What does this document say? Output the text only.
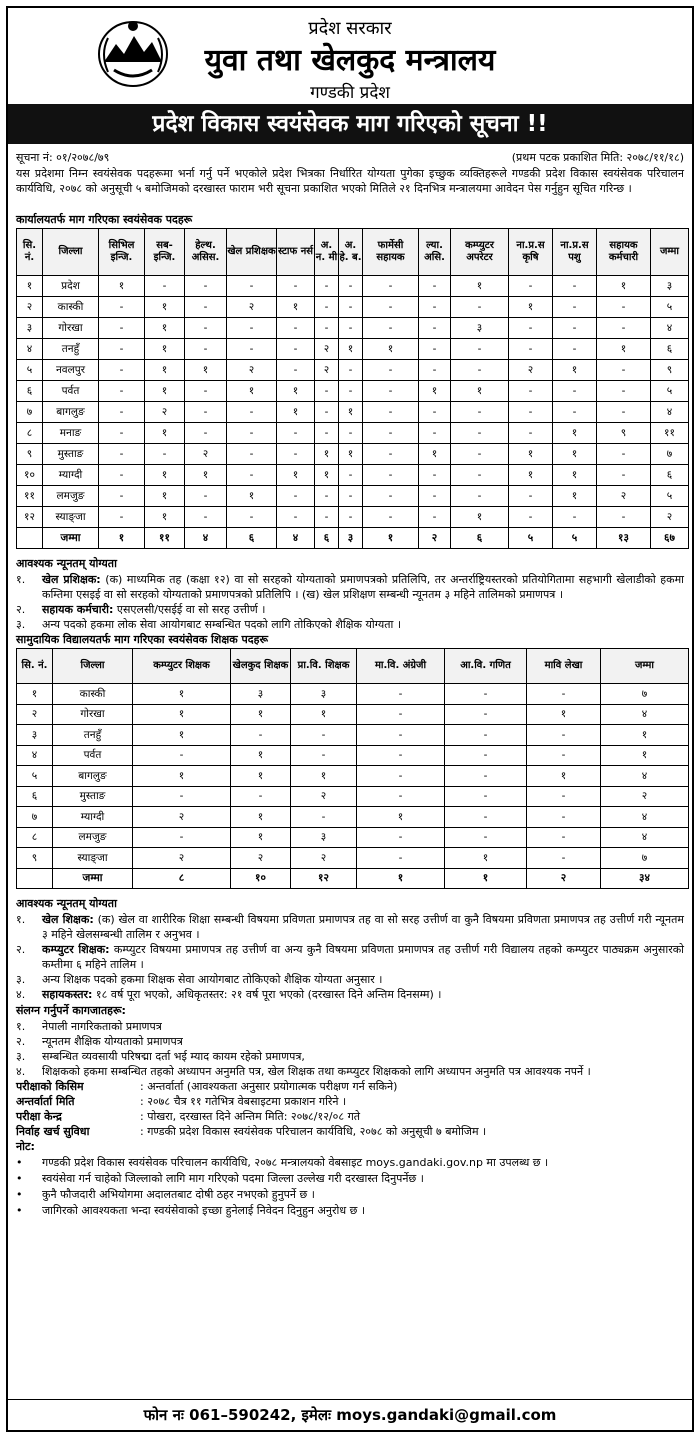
प्रदेश सरकार
युवा तथा खेलकुद मन्त्रालय
गण्डकी प्रदेश
प्रदेश विकास स्वयंसेवक माग गरिएको सूचना !!
सूचना नं: ०१/२०७८/७९	(प्रथम पटक प्रकाशित मिति: २०७८/११/१८)

यस प्रदेशमा निम्न स्वयंसेवक पदहरूमा भर्ना गर्नु पर्ने भएकोले प्रदेश भित्रका निर्धारित योग्यता पुगेका इच्छुक व्यक्तिहरूले गण्डकी प्रदेश विकास स्वयंसेवक परिचालन कार्यविधि, २०७८ को अनुसूची ५ बमोजिमको दरखास्त फाराम भरी सूचना प्रकाशित भएको मितिले २१ दिनभित्र मन्त्रालयमा आवेदन पेस गर्नुहुन सूचित गरिन्छ ।

कार्यालयतर्फ माग गरिएका स्वयंसेवक पदहरू
सि. नं.	जिल्ला	सिभिल इन्जि.	सब- इन्जि.	हेल्थ. असिस.	खेल प्रशिक्षक	स्टाफ नर्स	अ. न. मी	अ. हे. ब.	फार्मेसी सहायक	ल्या. असि.	कम्प्युटर अपरेटर	ना.प्र.स कृषि	ना.प्र.स पशु	सहायक कर्मचारी	जम्मा
१	प्रदेश	१	-	-	-	-	-	-	-	-	१	-	-	१	३
२	कास्की	-	१	-	२	१	-	-	-	-	-	१	-	-	५
३	गोरखा	-	१	-	-	-	-	-	-	-	३	-	-	-	४
४	तनहुँ	-	१	-	-	-	२	१	१	-	-	-	-	१	६
५	नवलपुर	-	१	१	२	-	२	-	-	-	-	२	१	-	९
६	पर्वत	-	१	-	१	१	-	-	-	१	१	-	-	-	५
७	बागलुङ	-	२	-	-	१	-	१	-	-	-	-	-	-	४
८	मनाङ	-	१	-	-	-	-	-	-	-	-	-	१	९	११
९	मुस्ताङ	-	-	२	-	-	१	१	-	१	-	१	१	-	७
१०	म्याग्दी	-	१	१	-	१	१	-	-	-	-	१	१	-	६
११	लमजुङ	-	१	-	१	-	-	-	-	-	-	-	१	२	५
१२	स्याङ्जा	-	१	-	-	-	-	-	-	-	१	-	-	-	२
	जम्मा	१	११	४	६	४	६	३	१	२	६	५	५	१३	६७
आवश्यक न्यूनतम् योग्यता
१.	खेल प्रशिक्षक: (क) माध्यमिक तह (कक्षा १२) वा सो सरहको योग्यताको प्रमाणपत्रको प्रतिलिपि, तर अन्तर्राष्ट्रियस्तरको प्रतियोगितामा सहभागी खेलाडीको हकमा कम्तिमा एसइई वा सो सरहको योग्यताको प्रमाणपत्रको प्रतिलिपि । (ख) खेल प्रशिक्षण सम्बन्धी न्यूनतम ३ महिने तालिमको प्रमाणपत्र ।
२.	सहायक कर्मचारी: एसएलसी/एसईई वा सो सरह उत्तीर्ण ।
३.	अन्य पदको हकमा लोक सेवा आयोगबाट सम्बन्धित पदको लागि तोकिएको शैक्षिक योग्यता ।
सामुदायिक विद्यालयतर्फ माग गरिएका स्वयंसेवक शिक्षक पदहरू
सि. नं.	जिल्ला	कम्प्युटर शिक्षक	खेलकुद शिक्षक	प्रा.वि. शिक्षक	मा.वि. अंग्रेजी	आ.वि. गणित	मावि लेखा	जम्मा
१	कास्की	१	३	३	-	-	-	७
२	गोरखा	१	१	१	-	-	१	४
३	तनहुँ	१	-	-	-	-	-	१
४	पर्वत	-	१	-	-	-	-	१
५	बागलुङ	१	१	१	-	-	१	४
६	मुस्ताङ	-	-	२	-	-	-	२
७	म्याग्दी	२	१	-	१	-	-	४
८	लमजुङ	-	१	३	-	-	-	४
९	स्याङ्जा	२	२	२	-	१	-	७
	जम्मा	८	१०	१२	१	१	२	३४
आवश्यक न्यूनतम् योग्यता
१.	खेल शिक्षक: (क) खेल वा शारीरिक शिक्षा सम्बन्धी विषयमा प्रविणता प्रमाणपत्र तह वा सो सरह उत्तीर्ण वा कुनै विषयमा प्रविणता प्रमाणपत्र तह उत्तीर्ण गरी न्यूनतम ३ महिने खेलसम्बन्धी तालिम र अनुभव ।
२.	कम्प्युटर शिक्षक: कम्प्युटर विषयमा प्रमाणपत्र तह उत्तीर्ण वा अन्य कुनै विषयमा प्रविणता प्रमाणपत्र तह उत्तीर्ण गरी विद्यालय तहको कम्प्युटर पाठ्यक्रम अनुसारको कम्तीमा ६ महिने तालिम ।
३.	अन्य शिक्षक पदको हकमा शिक्षक सेवा आयोगबाट तोकिएको शैक्षिक योग्यता अनुसार ।
४.	सहायकस्तर: १८ वर्ष पूरा भएको, अधिकृतस्तर: २१ वर्ष पूरा भएको (दरखास्त दिने अन्तिम दिनसम्म) ।
संलग्न गर्नुपर्ने कागजातहरू:
१.	नेपाली नागरिकताको प्रमाणपत्र
२.	न्यूनतम शैक्षिक योग्यताको प्रमाणपत्र
३.	सम्बन्धित व्यवसायी परिषद्मा दर्ता भई म्याद कायम रहेको प्रमाणपत्र,
४.	शिक्षकको हकमा सम्बन्धित तहको अध्यापन अनुमति पत्र, खेल शिक्षक तथा कम्प्युटर शिक्षकको लागि अध्यापन अनुमति पत्र आवश्यक नपर्ने ।
परीक्षाको किसिम	: अन्तर्वार्ता (आवश्यकता अनुसार प्रयोगात्मक परीक्षण गर्न सकिने)
अन्तर्वार्ता मिति	: २०७८ चैत्र ११ गतेभित्र वेबसाइटमा प्रकाशन गरिने ।
परीक्षा केन्द्र	: पोखरा, दरखास्त दिने अन्तिम मिति: २०७८/१२/०८ गते
निर्वाह खर्च सुविधा	: गण्डकी प्रदेश विकास स्वयंसेवक परिचालन कार्यविधि, २०७८ को अनुसूची ७ बमोजिम ।
नोट:
•	गण्डकी प्रदेश विकास स्वयंसेवक परिचालन कार्यविधि, २०७८ मन्त्रालयको वेबसाइट moys.gandaki.gov.np मा उपलब्ध छ ।
•	स्वयंसेवा गर्न चाहेको जिल्लाको लागि माग गरिएको पदमा जिल्ला उल्लेख गरी दरखास्त दिनुपर्नेछ ।
•	कुनै फौजदारी अभियोगमा अदालतबाट दोषी ठहर नभएको हुनुपर्ने छ ।
•	जागिरको आवश्यकता भन्दा स्वयंसेवाको इच्छा हुनेलाई निवेदन दिनुहुन अनुरोध छ ।
फोन नः 061–590242, इमेलः moys.gandaki@gmail.com
